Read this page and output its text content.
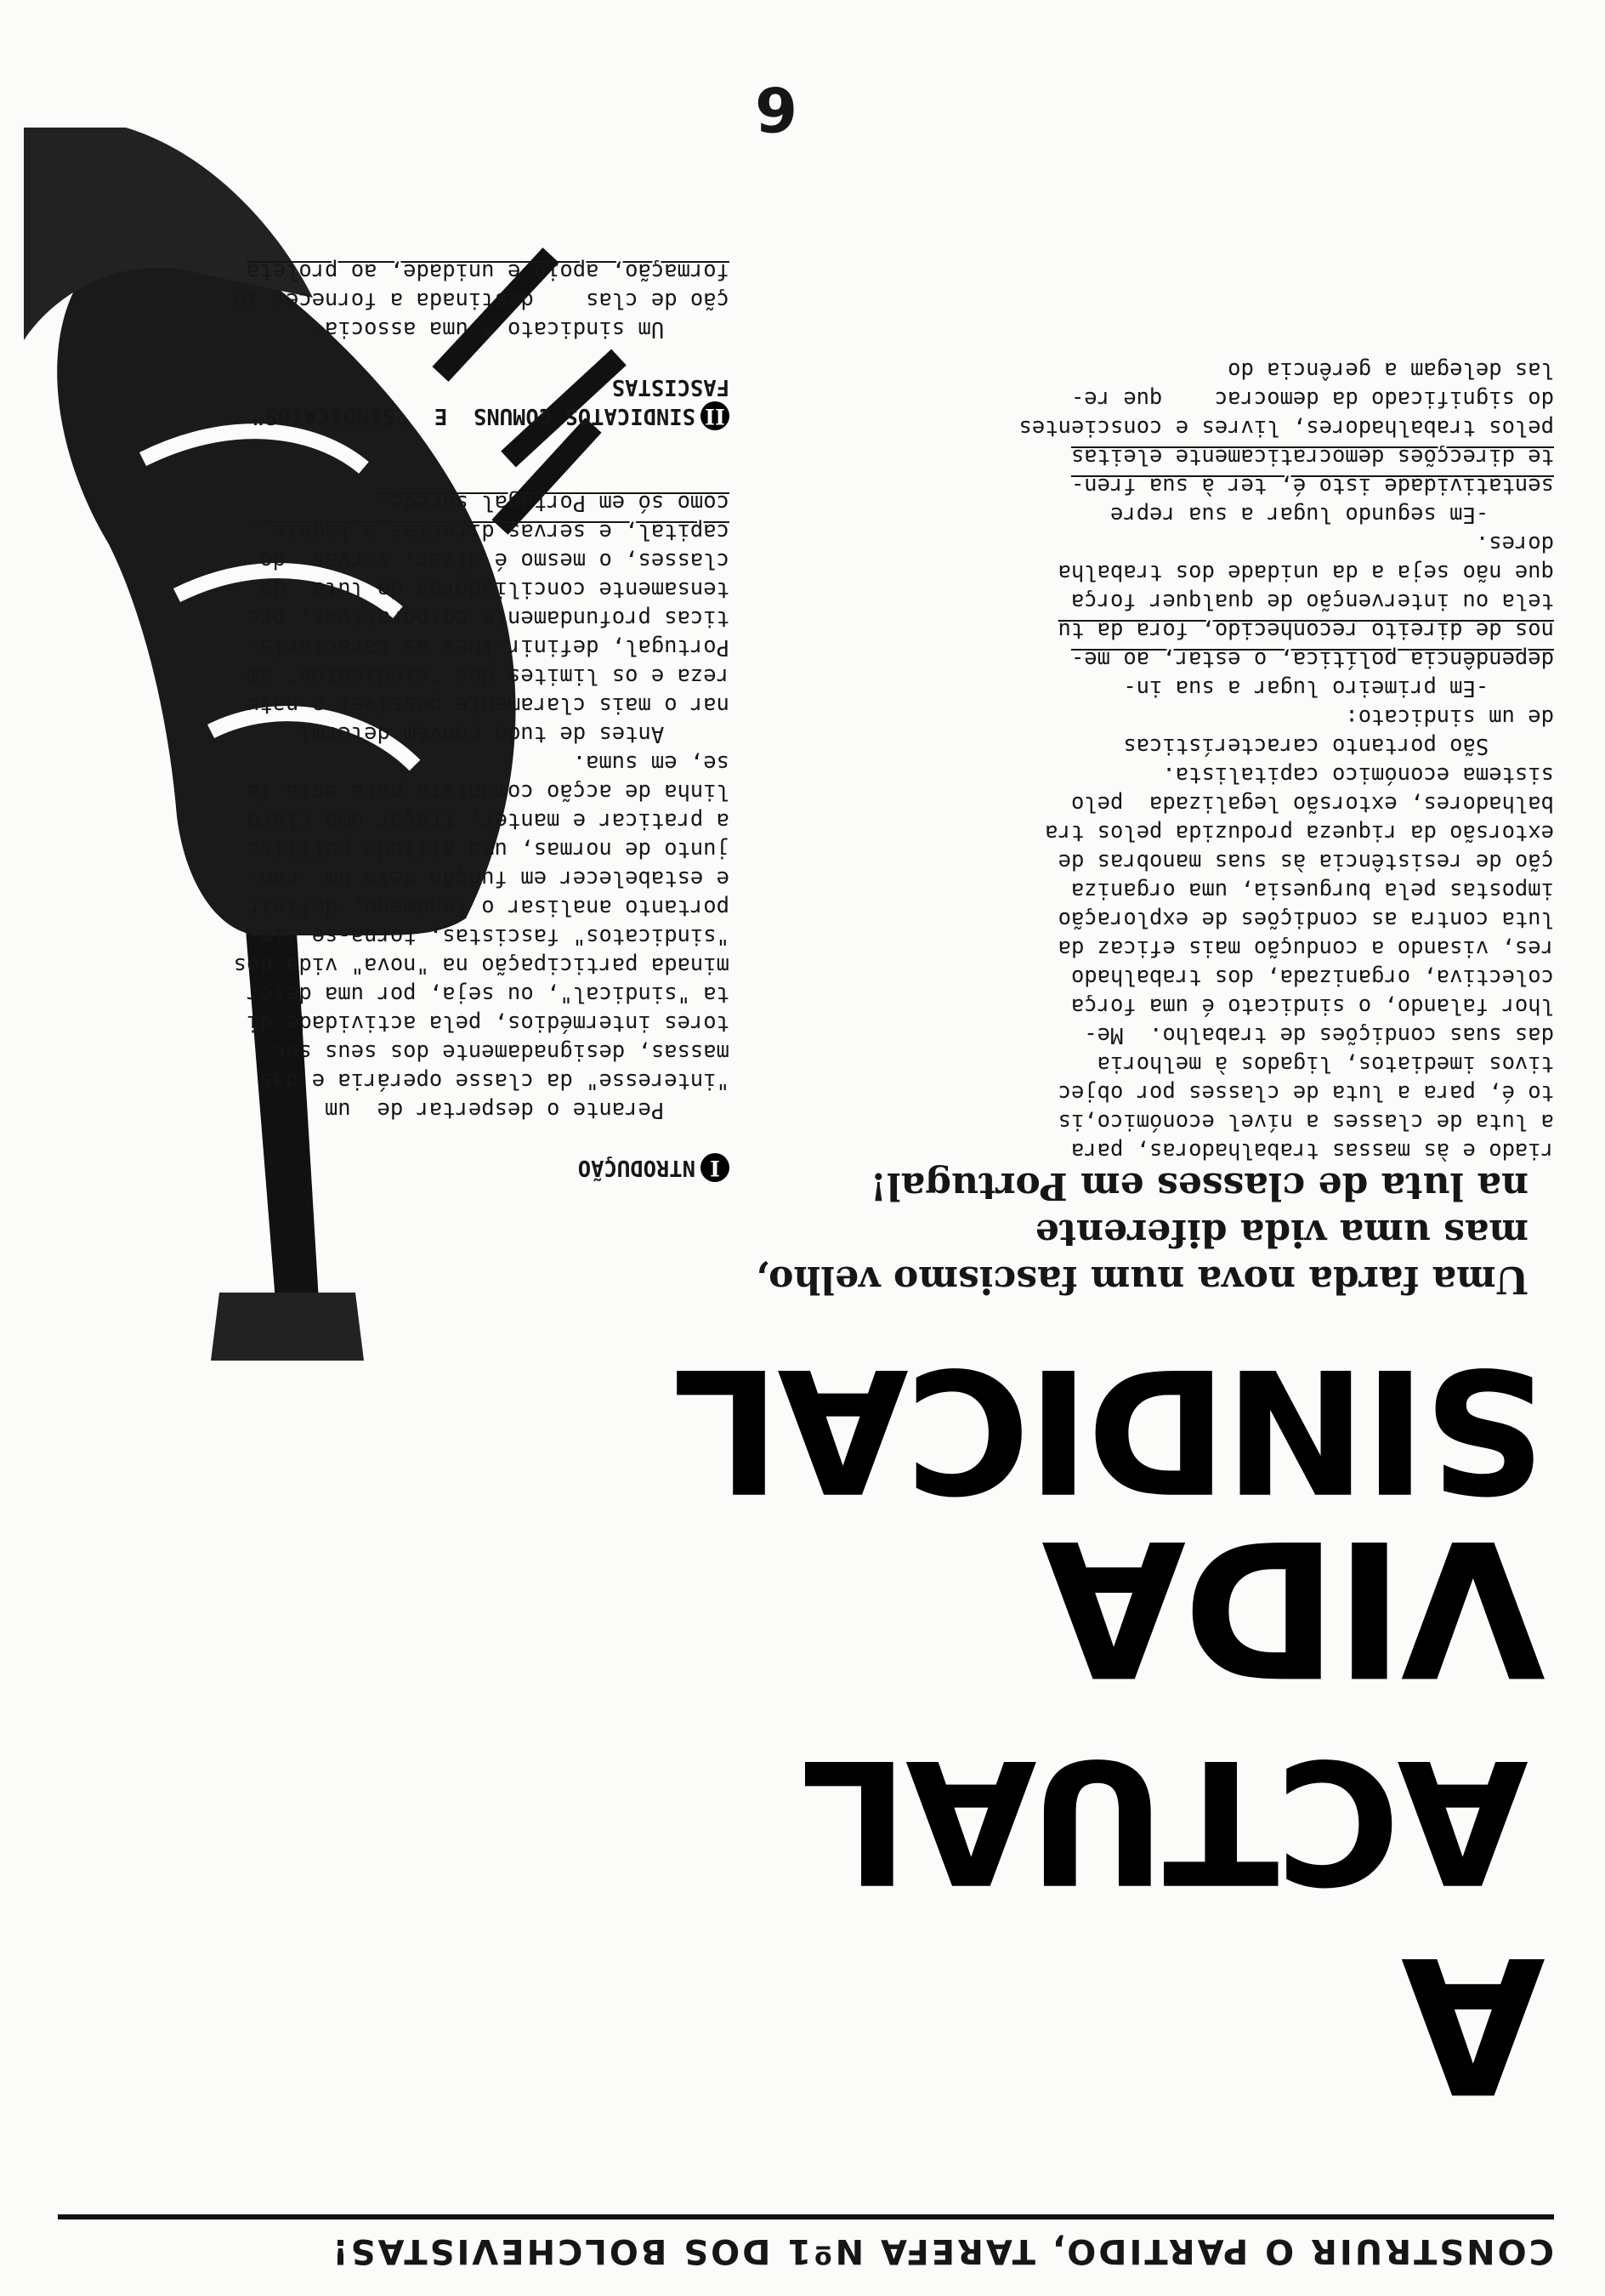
CONSTRUIR O PARTIDO, TAREFA Nº1 DOS BOLCHEVISTAS!
A
ACTUAL
VIDA
SINDICAL
Uma farda nova num fascismo velho,
mas uma vida diferente
na luta de classes em Portugal!
6

riado e às massas trabalhadoras, para

a luta de classes a nível económico,is

to é, para a luta de classes por objec

tivos imediatos, ligados à melhoria

das suas condições de trabalho.  Me-

lhor falando, o sindicato é uma força

colectiva, organizada, dos trabalhado

res, visando a condução mais eficaz da

luta contra as condições de exploração

impostas pela burguesia, uma organiza

ção de resistência às suas manobras de

extorsão da riqueza produzida pelos tra

balhadores, extorsão legalizada  pelo

sistema económico capitalista.

São portanto características

de um sindicato:

-Em primeiro lugar a sua in-

dependência política, o estar, ao me-

nos de direito reconhecido, fora da tu

tela ou intervenção de qualquer força

que não seja a da unidade dos trabalha

dores.

-Em segundo lugar a sua repre

sentatividade isto é, ter à sua fren-

te direcções democraticamente eleitas

pelos trabalhadores, livres e conscientes

do significado da democrac    que re-

las delegam a gerência do

INTRODUÇÃO

Perante o despertar de  um

"interesse" da classe operária e das

massas, designadamente dos seus sec

tores intermédios, pela actividade di

ta "sindical", ou seja, por uma deter

minada participação na "nova" vida dos

"sindicatos" fascistas, torna-se  im-

portanto analisar o fenómeno, definir

e estabelecer em função dele um  con-

junto de normas, uma atitude política

a praticar e manter, traçar uma clara

linha de acção comunista para esta fa

se, em suma.

Antes de tudo convém determi

nar o mais claramente possível a natu

reza e os limites dos "sindicatos" em

Portugal, definir-lhes as caracterís-

ticas profundamente corporativas, pre

tensamente conciliadoras da luta  de

classes, o mesmo é dizer, servas  do

capital, e servas directas e legais ,

como só em Portugal sucede.

IISINDICATOS COMUNS  E  "SINDICATOS"

FASCISTAS

Um sindicato é uma associa-

ção de clas    destinada a fornecer in

formação, apoio e unidade, ao proleta
